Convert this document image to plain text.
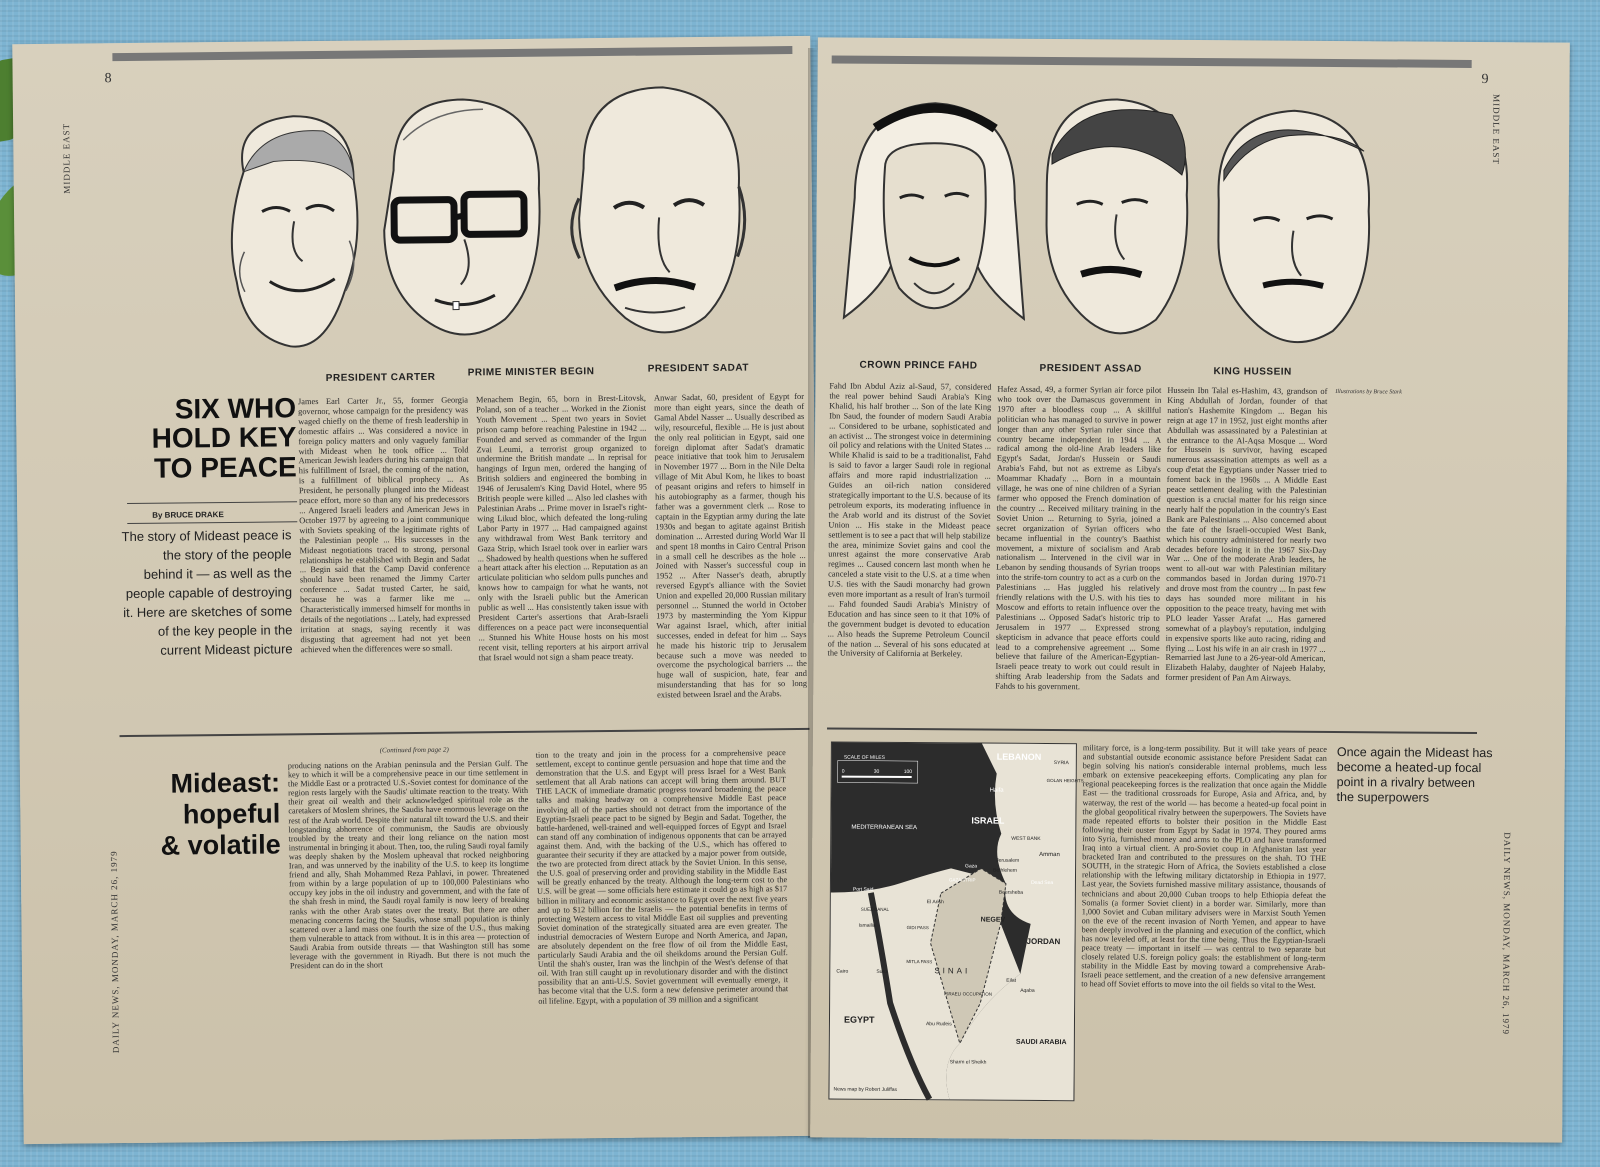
8
MIDDLE EAST
PRESIDENT CARTER	PRIME MINISTER BEGIN	PRESIDENT SADAT
SIX WHO
HOLD KEY
TO PEACE
By BRUCE DRAKE
The story of Mideast peace is the story of the people behind it — as well as the people capable of destroying it. Here are sketches of some of the key people in the current Mideast picture
James Earl Carter Jr., 55, former Georgia governor, whose campaign for the presidency was waged chiefly on the theme of fresh leadership in domestic affairs ... Was considered a novice in foreign policy matters and only vaguely familiar with Mideast when he took office ... Told American Jewish leaders during his campaign that his fulfillment of Israel, the coming of the nation, is a fulfillment of biblical prophecy ... As President, he personally plunged into the Mideast peace effort, more so than any of his predecessors ... Angered Israeli leaders and American Jews in October 1977 by agreeing to a joint communique with Soviets speaking of the legitimate rights of the Palestinian people ... His successes in the Mideast negotiations traced to strong, personal relationships he established with Begin and Sadat ... Begin said that the Camp David conference should have been renamed the Jimmy Carter conference ... Sadat trusted Carter, he said, because he was a farmer like me ... Characteristically immersed himself for months in details of the negotiations ... Lately, had expressed irritation at snags, saying recently it was disgusting that agreement had not yet been achieved when the differences were so small.
Menachem Begin, 65, born in Brest-Litovsk, Poland, son of a teacher ... Worked in the Zionist Youth Movement ... Spent two years in Soviet prison camp before reaching Palestine in 1942 ... Founded and served as commander of the Irgun Zvai Leumi, a terrorist group organized to undermine the British mandate ... In reprisal for hangings of Irgun men, ordered the hanging of British soldiers and engineered the bombing in 1946 of Jerusalem's King David Hotel, where 95 British people were killed ... Also led clashes with Palestinian Arabs ... Prime mover in Israel's right-wing Likud bloc, which defeated the long-ruling Labor Party in 1977 ... Had campaigned against any withdrawal from West Bank territory and Gaza Strip, which Israel took over in earlier wars ... Shadowed by health questions when he suffered a heart attack after his election ... Reputation as an articulate politician who seldom pulls punches and knows how to campaign for what he wants, not only with the Israeli public but the American public as well ... Has consistently taken issue with President Carter's assertions that Arab-Israeli differences on a peace pact were inconsequential ... Stunned his White House hosts on his most recent visit, telling reporters at his airport arrival that Israel would not sign a sham peace treaty.
Anwar Sadat, 60, president of Egypt for more than eight years, since the death of Gamal Abdel Nasser ... Usually described as wily, resourceful, flexible ... He is just about the only real politician in Egypt, said one foreign diplomat after Sadat's dramatic peace initiative that took him to Jerusalem in November 1977 ... Born in the Nile Delta village of Mit Abul Kom, he likes to boast of peasant origins and refers to himself in his autobiography as a farmer, though his father was a government clerk ... Rose to captain in the Egyptian army during the late 1930s and began to agitate against British domination ... Arrested during World War II and spent 18 months in Cairo Central Prison in a small cell he describes as the hole ... Joined with Nasser's successful coup in 1952 ... After Nasser's death, abruptly reversed Egypt's alliance with the Soviet Union and expelled 20,000 Russian military personnel ... Stunned the world in October 1973 by masterminding the Yom Kippur War against Israel, which, after initial successes, ended in defeat for him ... Says he made his historic trip to Jerusalem because such a move was needed to overcome the psychological barriers ... the huge wall of suspicion, hate, fear and misunderstanding that has for so long existed between Israel and the Arabs.
DAILY NEWS, MONDAY, MARCH 26, 1979
Mideast:
hopeful
& volatile
(Continued from page 2)
producing nations on the Arabian peninsula and the Persian Gulf. The key to which it will be a comprehensive peace in our time settlement in the Middle East or a protracted U.S.-Soviet contest for dominance of the region rests largely with the Saudis' ultimate reaction to the treaty. With their great oil wealth and their acknowledged spiritual role as the caretakers of Moslem shrines, the Saudis have enormous leverage on the rest of the Arab world. Despite their natural tilt toward the U.S. and their longstanding abhorrence of communism, the Saudis are obviously troubled by the treaty and their long reliance on the nation most instrumental in bringing it about. Then, too, the ruling Saudi royal family was deeply shaken by the Moslem upheaval that rocked neighboring Iran, and was unnerved by the inability of the U.S. to keep its longtime friend and ally, Shah Mohammed Reza Pahlavi, in power. Threatened from within by a large population of up to 100,000 Palestinians who occupy key jobs in the oil industry and government, and with the fate of the shah fresh in mind, the Saudi royal family is now leery of breaking ranks with the other Arab states over the treaty. But there are other menacing concerns facing the Saudis, whose small population is thinly scattered over a land mass one fourth the size of the U.S., thus making them vulnerable to attack from without. It is in this area — protection of Saudi Arabia from outside threats — that Washington still has some leverage with the government in Riyadh. But there is not much the President can do in the short
tion to the treaty and join in the process for a comprehensive peace settlement, except to continue gentle persuasion and hope that time and the demonstration that the U.S. and Egypt will press Israel for a West Bank settlement that all Arab nations can accept will bring them around. BUT THE LACK of immediate dramatic progress toward broadening the peace talks and making headway on a comprehensive Middle East peace involving all of the parties should not detract from the importance of the Egyptian-Israeli peace pact to be signed by Begin and Sadat. Together, the battle-hardened, well-trained and well-equipped forces of Egypt and Israel can stand off any combination of indigenous opponents that can be arrayed against them. And, with the backing of the U.S., which has offered to guarantee their security if they are attacked by a major power from outside, the two are protected from direct attack by the Soviet Union. In this sense, the U.S. goal of preserving order and providing stability in the Middle East will be greatly enhanced by the treaty. Although the long-term cost to the U.S. will be great — some officials here estimate it could go as high as $17 billion in military and economic assistance to Egypt over the next five years and up to $12 billion for the Israelis — the potential benefits in terms of protecting Western access to vital Middle East oil supplies and preventing Soviet domination of the strategically situated area are even greater. The industrial democracies of Western Europe and North America, and Japan, are absolutely dependent on the free flow of oil from the Middle East, particularly Saudi Arabia and the oil sheikdoms around the Persian Gulf. Until the shah's ouster, Iran was the linchpin of the West's defense of that oil. With Iran still caught up in revolutionary disorder and with the distinct possibility that an anti-U.S. Soviet government will eventually emerge, it has become vital that the U.S. form a new defensive perimeter around that oil lifeline. Egypt, with a population of 39 million and a significant
9
MIDDLE EAST
CROWN PRINCE FAHD	PRESIDENT ASSAD	KING HUSSEIN
Illustrations by Bruce Stark
Fahd Ibn Abdul Aziz al-Saud, 57, considered the real power behind Saudi Arabia's King Khalid, his half brother ... Son of the late King Ibn Saud, the founder of modern Saudi Arabia ... Considered to be urbane, sophisticated and an activist ... The strongest voice in determining oil policy and relations with the United States ... While Khalid is said to be a traditionalist, Fahd is said to favor a larger Saudi role in regional affairs and more rapid industrialization ... Guides an oil-rich nation considered strategically important to the U.S. because of its petroleum exports, its moderating influence in the Arab world and its distrust of the Soviet Union ... His stake in the Mideast peace settlement is to see a pact that will help stabilize the area, minimize Soviet gains and cool the unrest against the more conservative Arab regimes ... Caused concern last month when he canceled a state visit to the U.S. at a time when U.S. ties with the Saudi monarchy had grown even more important as a result of Iran's turmoil ... Fahd founded Saudi Arabia's Ministry of Education and has since seen to it that 10% of the government budget is devoted to education ... Also heads the Supreme Petroleum Council of the nation ... Several of his sons educated at the University of California at Berkeley.
Hafez Assad, 49, a former Syrian air force pilot who took over the Damascus government in 1970 after a bloodless coup ... A skillful politician who has managed to survive in power longer than any other Syrian ruler since that country became independent in 1944 ... A radical among the old-line Arab leaders like Egypt's Sadat, Jordan's Hussein or Saudi Arabia's Fahd, but not as extreme as Libya's Moammar Khadafy ... Born in a mountain village, he was one of nine children of a Syrian farmer who opposed the French domination of the country ... Received military training in the Soviet Union ... Returning to Syria, joined a secret organization of Syrian officers who became influential in the country's Baathist movement, a mixture of socialism and Arab nationalism ... Intervened in the civil war in Lebanon by sending thousands of Syrian troops into the strife-torn country to act as a curb on the Palestinians ... Has juggled his relatively friendly relations with the U.S. with his ties to Moscow and efforts to retain influence over the Palestinians ... Opposed Sadat's historic trip to Jerusalem in 1977 ... Expressed strong skepticism in advance that peace efforts could lead to a comprehensive agreement ... Some believe that failure of the American-Egyptian-Israeli peace treaty to work out could result in shifting Arab leadership from the Sadats and Fahds to his government.
Hussein Ibn Talal es-Hashim, 43, grandson of King Abdullah of Jordan, founder of that nation's Hashemite Kingdom ... Began his reign at age 17 in 1952, just eight months after Abdullah was assassinated by a Palestinian at the entrance to the Al-Aqsa Mosque ... Word for Hussein is survivor, having escaped numerous assassination attempts as well as a coup d'etat the Egyptians under Nasser tried to foment back in the 1960s ... A Middle East peace settlement dealing with the Palestinian question is a crucial matter for his reign since nearly half the population in the country's East Bank are Palestinians ... Also concerned about the fate of the Israeli-occupied West Bank, which his country administered for nearly two decades before losing it in the 1967 Six-Day War ... One of the moderate Arab leaders, he went to all-out war with Palestinian military commandos based in Jordan during 1970-71 and drove most from the country ... In past few days has sounded more militant in his opposition to the peace treaty, having met with PLO leader Yasser Arafat ... Has garnered somewhat of a playboy's reputation, indulging in expensive sports like auto racing, riding and flying ... Lost his wife in an air crash in 1977 ... Remarried last June to a 26-year-old American, Elizabeth Halaby, daughter of Najeeb Halaby, former president of Pan Am Airways.
SCALE OF MILES
0	30	100
LEBANON
SYRIA
GOLAN HEIGHTS
Haifa
ISRAEL
WEST BANK
Amman
Jerusalem
Bethlehem
Gaza
GAZA STRIP
Beersheba
Dead Sea
MEDITERRANEAN SEA
Port Said
El Arish
NEGEV
JORDAN
SUEZ CANAL
Ismailia	GIDI PASS
MITLA PASS
Cairo	Suez	SINAI
ISRAELI OCCUPATION
Eilat
Aqaba
EGYPT	Abu Rudeis
SAUDI ARABIA
Sharm el Sheikh
News map by Robert Juliffas
military force, is a long-term possibility. But it will take years of peace and substantial outside economic assistance before President Sadat can begin solving his nation's considerable internal problems, much less embark on extensive peacekeeping efforts. Complicating any plan for regional peacekeeping forces is the realization that once again the Middle East — the traditional crossroads for Europe, Asia and Africa, and, by waterway, the rest of the world — has become a heated-up focal point in the global geopolitical rivalry between the superpowers. The Soviets have made repeated efforts to bolster their position in the Middle East following their ouster from Egypt by Sadat in 1974. They poured arms into Syria, furnished money and arms to the PLO and have transformed Iraq into a virtual client. A pro-Soviet coup in Afghanistan last year bracketed Iran and contributed to the pressures on the shah. TO THE SOUTH, in the strategic Horn of Africa, the Soviets established a close relationship with the leftwing military dictatorship in Ethiopia in 1977. Last year, the Soviets furnished massive military assistance, thousands of technicians and about 20,000 Cuban troops to help Ethiopia defeat the Somalis (a former Soviet client) in a border war. Similarly, more than 1,000 Soviet and Cuban military advisers were in Marxist South Yemen on the eve of the recent invasion of North Yemen, and appear to have been deeply involved in the planning and execution of the conflict, which has now leveled off, at least for the time being. Thus the Egyptian-Israeli peace treaty — important in itself — was central to two separate but closely related U.S. foreign policy goals: the establishment of long-term stability in the Middle East by moving toward a comprehensive Arab-Israeli peace settlement, and the creation of a new defensive arrangement to head off Soviet efforts to move into the oil fields so vital to the West.
Once again the Mideast has become a heated-up focal point in a rivalry between the superpowers
DAILY NEWS, MONDAY, MARCH 26, 1979
